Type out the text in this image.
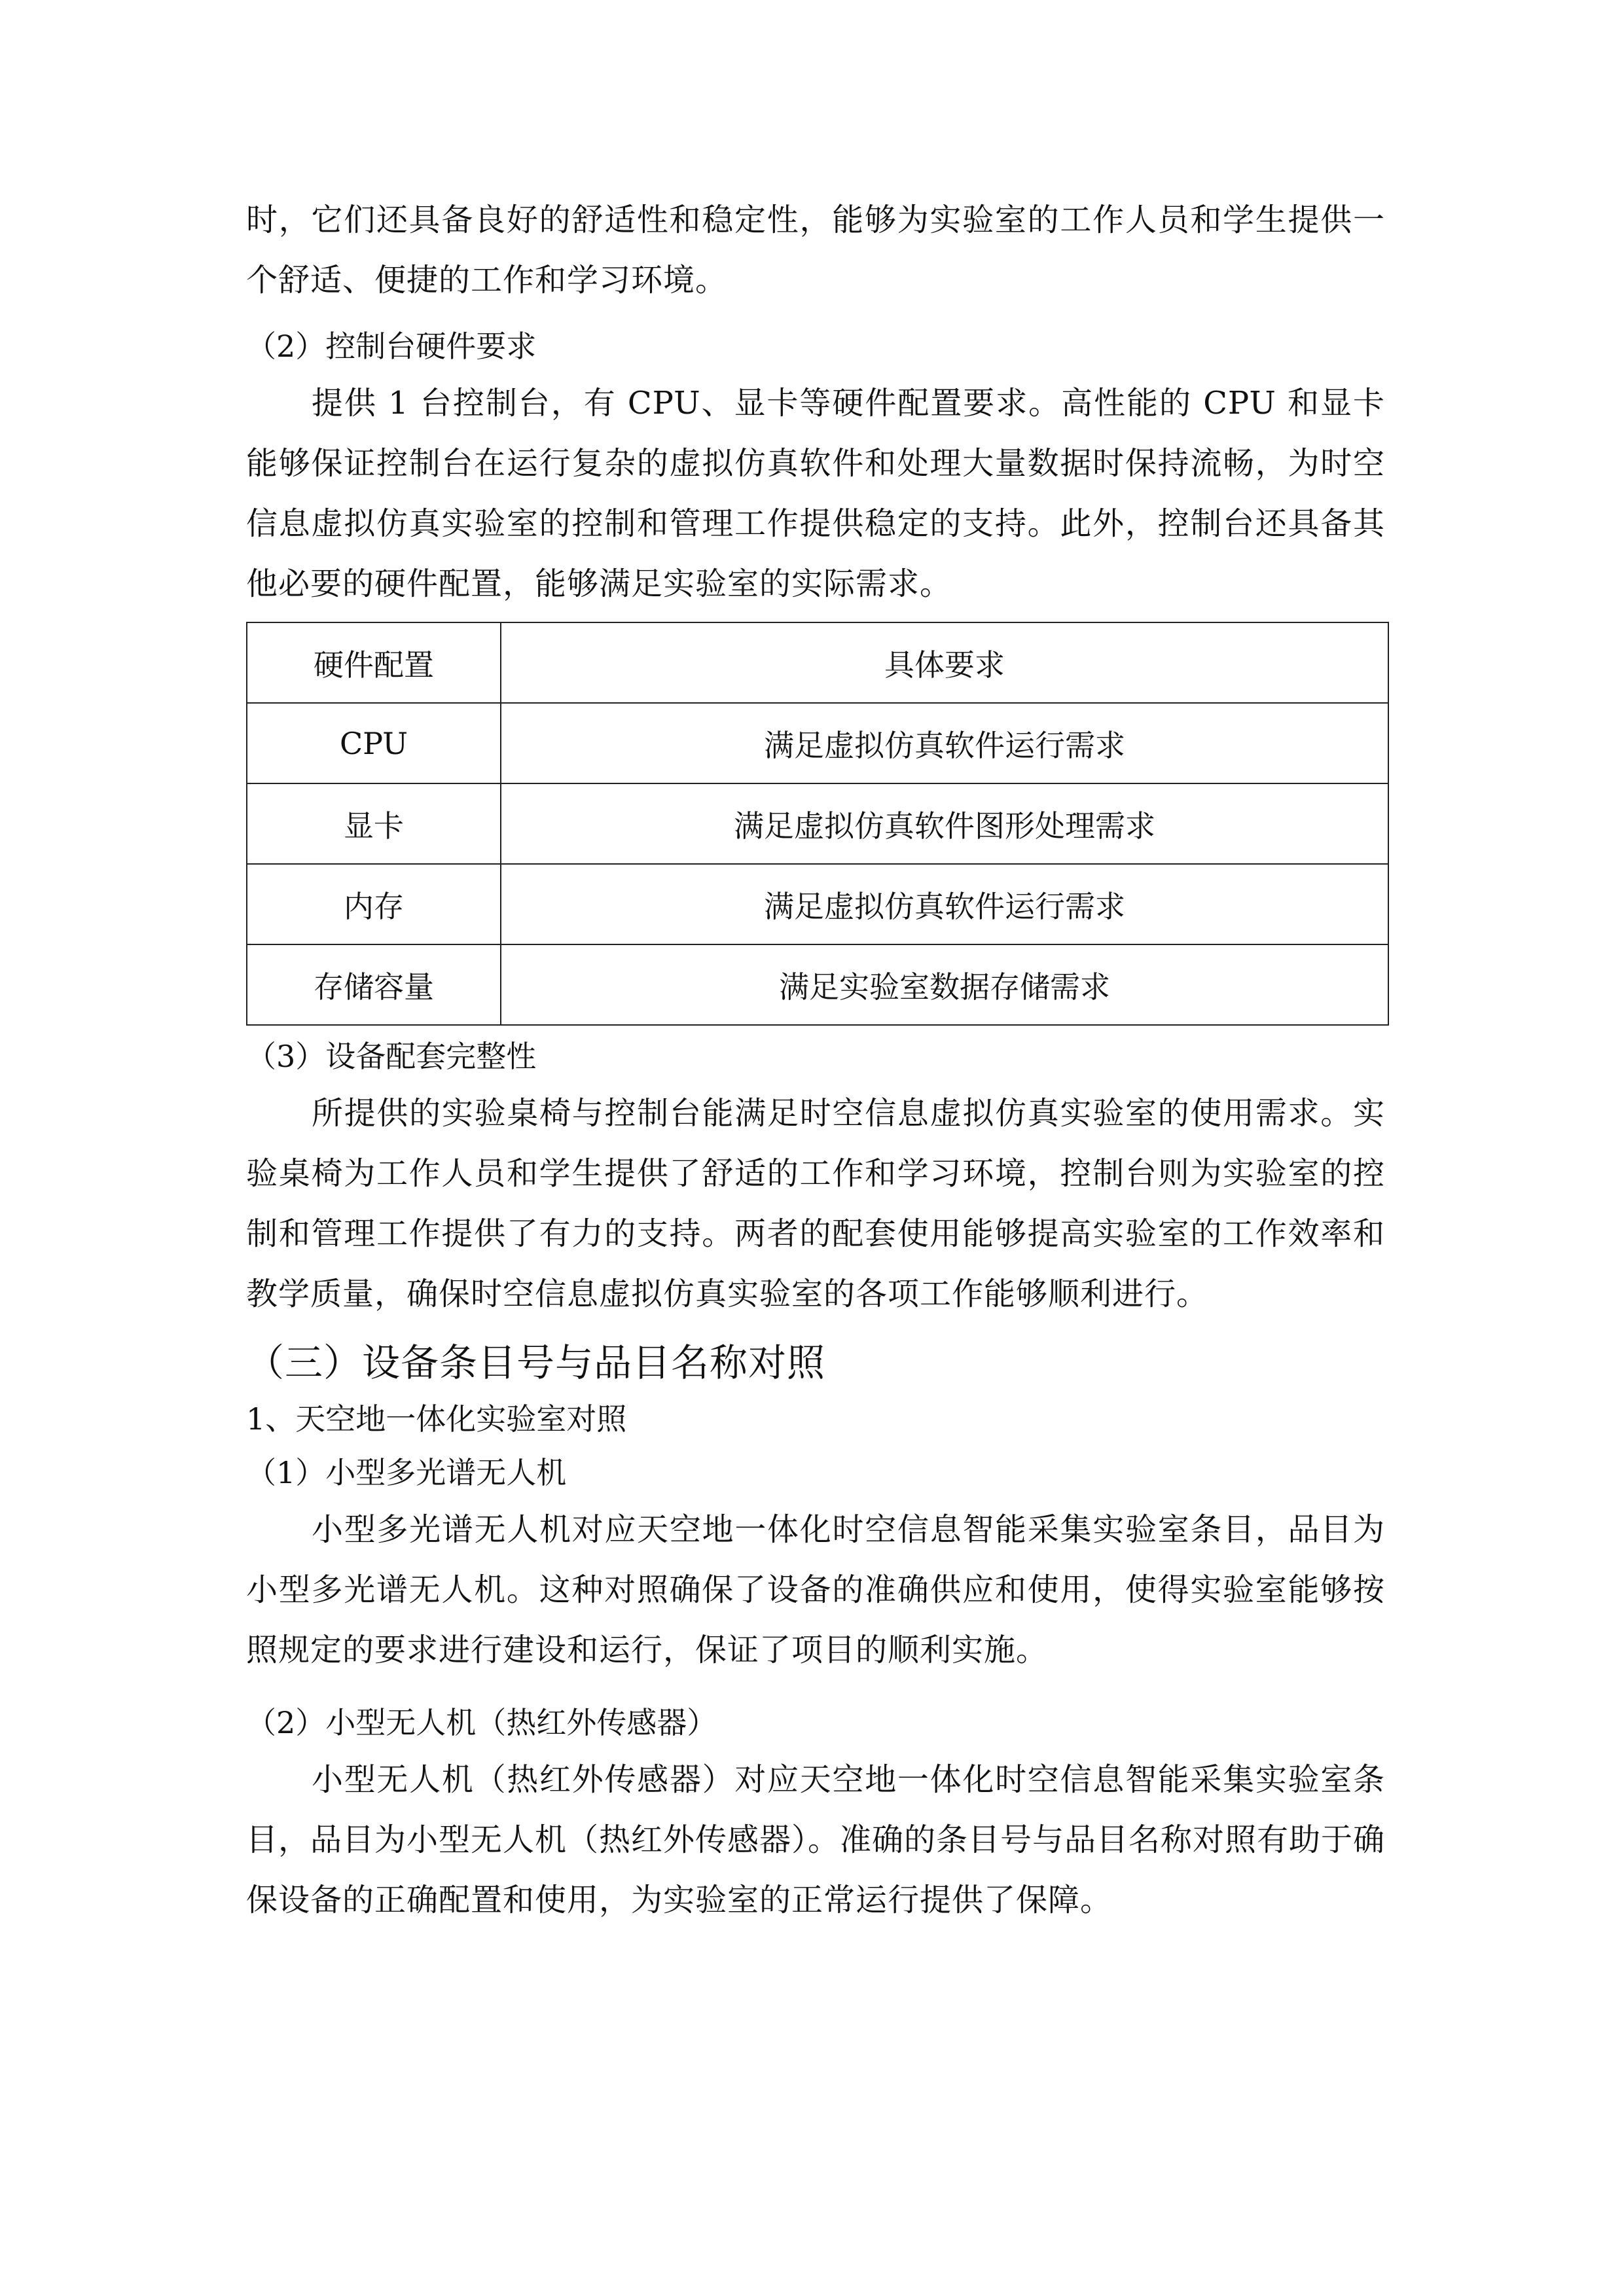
时，它们还具备良好的舒适性和稳定性，能够为实验室的工作人员和学生提供一个舒适、便捷的工作和学习环境。

（2）控制台硬件要求

提供 1 台控制台，有 CPU、显卡等硬件配置要求。高性能的 CPU 和显卡能够保证控制台在运行复杂的虚拟仿真软件和处理大量数据时保持流畅，为时空信息虚拟仿真实验室的控制和管理工作提供稳定的支持。此外，控制台还具备其他必要的硬件配置，能够满足实验室的实际需求。

硬件配置	具体要求
CPU	满足虚拟仿真软件运行需求
显卡	满足虚拟仿真软件图形处理需求
内存	满足虚拟仿真软件运行需求
存储容量	满足实验室数据存储需求

（3）设备配套完整性

所提供的实验桌椅与控制台能满足时空信息虚拟仿真实验室的使用需求。实验桌椅为工作人员和学生提供了舒适的工作和学习环境，控制台则为实验室的控制和管理工作提供了有力的支持。两者的配套使用能够提高实验室的工作效率和教学质量，确保时空信息虚拟仿真实验室的各项工作能够顺利进行。

（三）设备条目号与品目名称对照

1、天空地一体化实验室对照

（1）小型多光谱无人机

小型多光谱无人机对应天空地一体化时空信息智能采集实验室条目，品目为小型多光谱无人机。这种对照确保了设备的准确供应和使用，使得实验室能够按照规定的要求进行建设和运行，保证了项目的顺利实施。

（2）小型无人机（热红外传感器）

小型无人机（热红外传感器）对应天空地一体化时空信息智能采集实验室条目，品目为小型无人机（热红外传感器）。准确的条目号与品目名称对照有助于确保设备的正确配置和使用，为实验室的正常运行提供了保障。
